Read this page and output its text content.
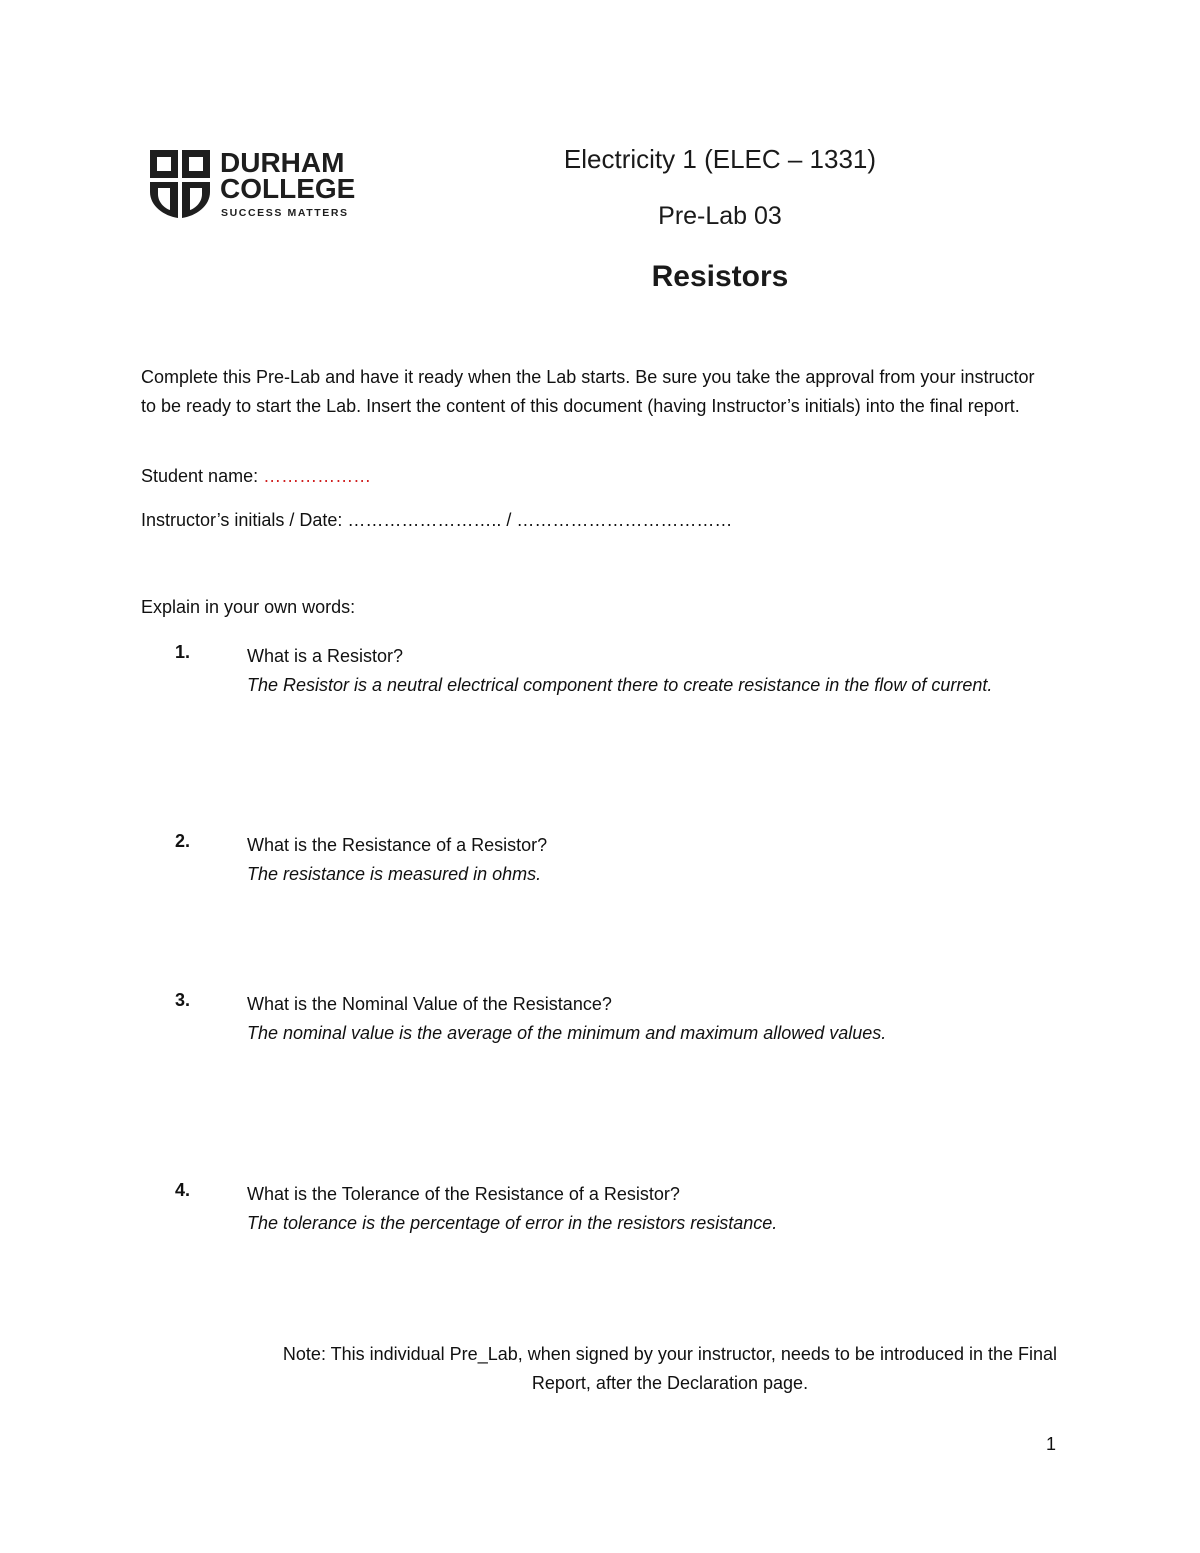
DURHAM
COLLEGE
SUCCESS MATTERS
Electricity 1 (ELEC – 1331)
Pre-Lab 03
Resistors
Complete this Pre-Lab and have it ready when the Lab starts. Be sure you take the approval from your instructor to be ready to start the Lab. Insert the content of this document (having Instructor’s initials) into the final report.
Student name: ………………
Instructor’s initials / Date: …………………….. / ………………………………
Explain in your own words:
1.	What is a Resistor?
The Resistor is a neutral electrical component there to create resistance in the flow of current.
2.	What is the Resistance of a Resistor?
The resistance is measured in ohms.
3.	What is the Nominal Value of the Resistance?
The nominal value is the average of the minimum and maximum allowed values.
4.	What is the Tolerance of the Resistance of a Resistor?
The tolerance is the percentage of error in the resistors resistance.
Note: This individual Pre_Lab, when signed by your instructor, needs to be introduced in the Final Report, after the Declaration page.
1
